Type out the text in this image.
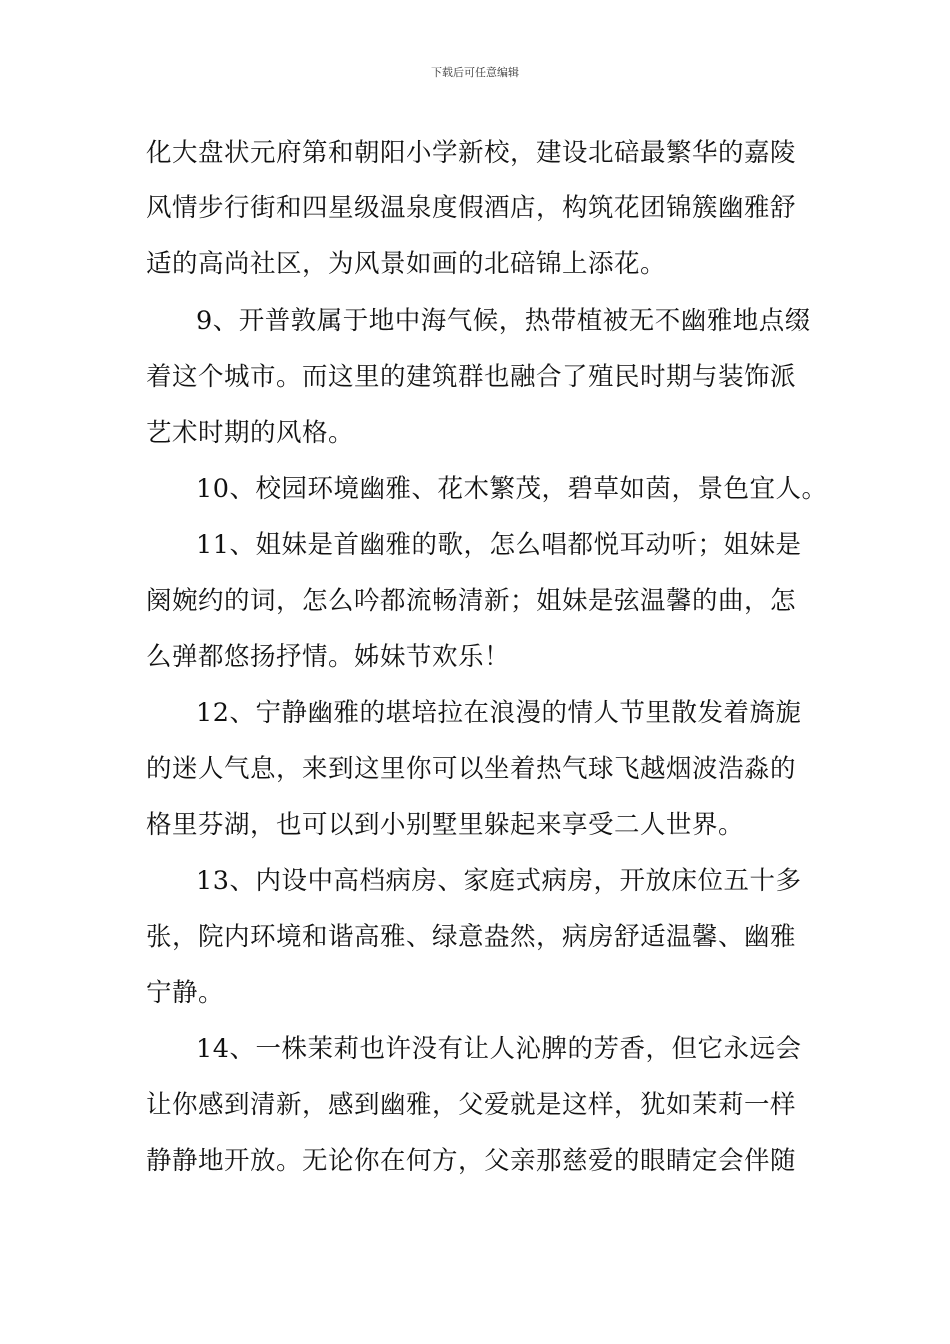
下载后可任意编辑
化大盘状元府第和朝阳小学新校，建设北碚最繁华的嘉陵
风情步行街和四星级温泉度假酒店，构筑花团锦簇幽雅舒
适的高尚社区，为风景如画的北碚锦上添花。
9、开普敦属于地中海气候，热带植被无不幽雅地点缀
着这个城市。而这里的建筑群也融合了殖民时期与装饰派
艺术时期的风格。
10、校园环境幽雅、花木繁茂，碧草如茵，景色宜人。
11、姐妹是首幽雅的歌，怎么唱都悦耳动听；姐妹是
阕婉约的词，怎么吟都流畅清新；姐妹是弦温馨的曲，怎
么弹都悠扬抒情。姊妹节欢乐！
12、宁静幽雅的堪培拉在浪漫的情人节里散发着旖旎
的迷人气息，来到这里你可以坐着热气球飞越烟波浩淼的
格里芬湖，也可以到小别墅里躲起来享受二人世界。
13、内设中高档病房、家庭式病房，开放床位五十多
张，院内环境和谐高雅、绿意盎然，病房舒适温馨、幽雅
宁静。
14、一株茉莉也许没有让人沁脾的芳香，但它永远会
让你感到清新，感到幽雅，父爱就是这样，犹如茉莉一样
静静地开放。无论你在何方，父亲那慈爱的眼睛定会伴随
